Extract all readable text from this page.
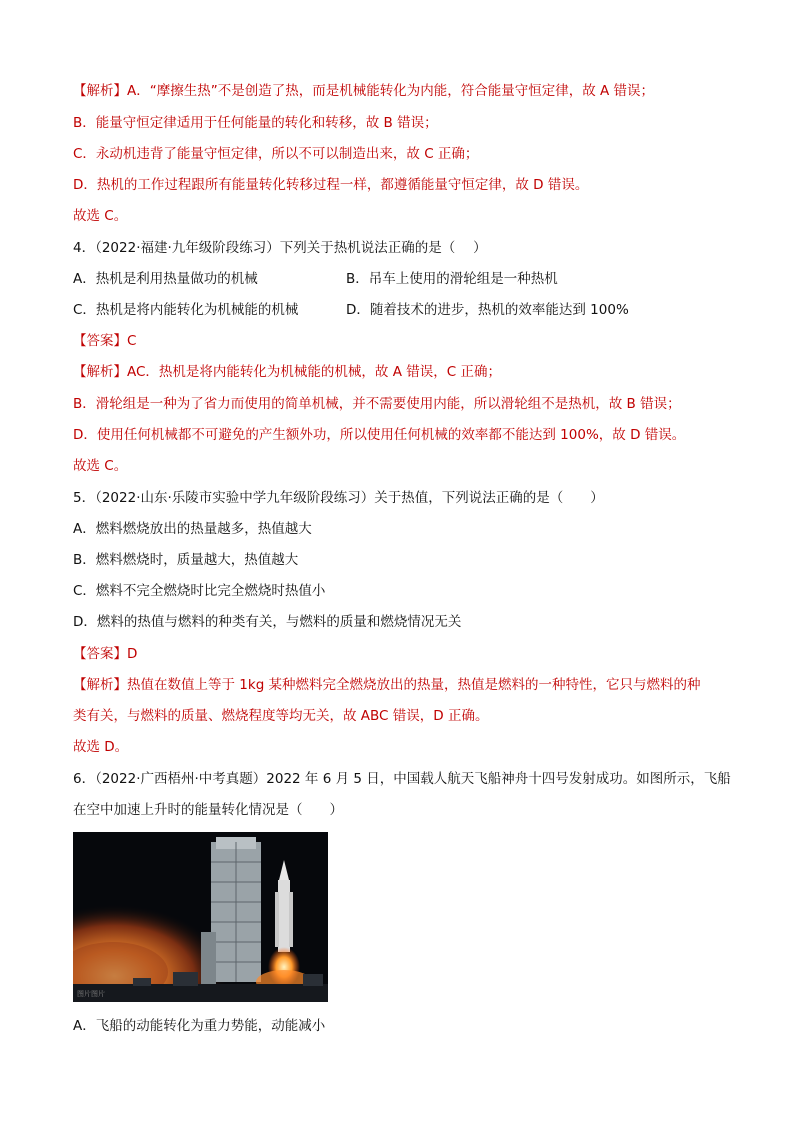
【解析】A．“摩擦生热”不是创造了热，而是机械能转化为内能，符合能量守恒定律，故 A 错误；
B．能量守恒定律适用于任何能量的转化和转移，故 B 错误；
C．永动机违背了能量守恒定律，所以不可以制造出来，故 C 正确；
D．热机的工作过程跟所有能量转化转移过程一样，都遵循能量守恒定律，故 D 错误。
故选 C。
4．（2022·福建·九年级阶段练习）下列关于热机说法正确的是（　 ）
A．热机是利用热量做功的机械	B．吊车上使用的滑轮组是一种热机
C．热机是将内能转化为机械能的机械	D．随着技术的进步，热机的效率能达到 100%
【答案】C
【解析】AC．热机是将内能转化为机械能的机械，故 A 错误，C 正确；
B．滑轮组是一种为了省力而使用的简单机械，并不需要使用内能，所以滑轮组不是热机，故 B 错误；
D．使用任何机械都不可避免的产生额外功，所以使用任何机械的效率都不能达到 100%，故 D 错误。
故选 C。
5．（2022·山东·乐陵市实验中学九年级阶段练习）关于热值，下列说法正确的是（　　）
A．燃料燃烧放出的热量越多，热值越大
B．燃料燃烧时，质量越大，热值越大
C．燃料不完全燃烧时比完全燃烧时热值小
D．燃料的热值与燃料的种类有关，与燃料的质量和燃烧情况无关
【答案】D
【解析】热值在数值上等于 1kg 某种燃料完全燃烧放出的热量，热值是燃料的一种特性，它只与燃料的种
类有关，与燃料的质量、燃烧程度等均无关，故 ABC 错误，D 正确。
故选 D。
6．（2022·广西梧州·中考真题）2022 年 6 月 5 日，中国载人航天飞船神舟十四号发射成功。如图所示，飞船
在空中加速上升时的能量转化情况是（　　）
图片图片
A．飞船的动能转化为重力势能，动能减小
